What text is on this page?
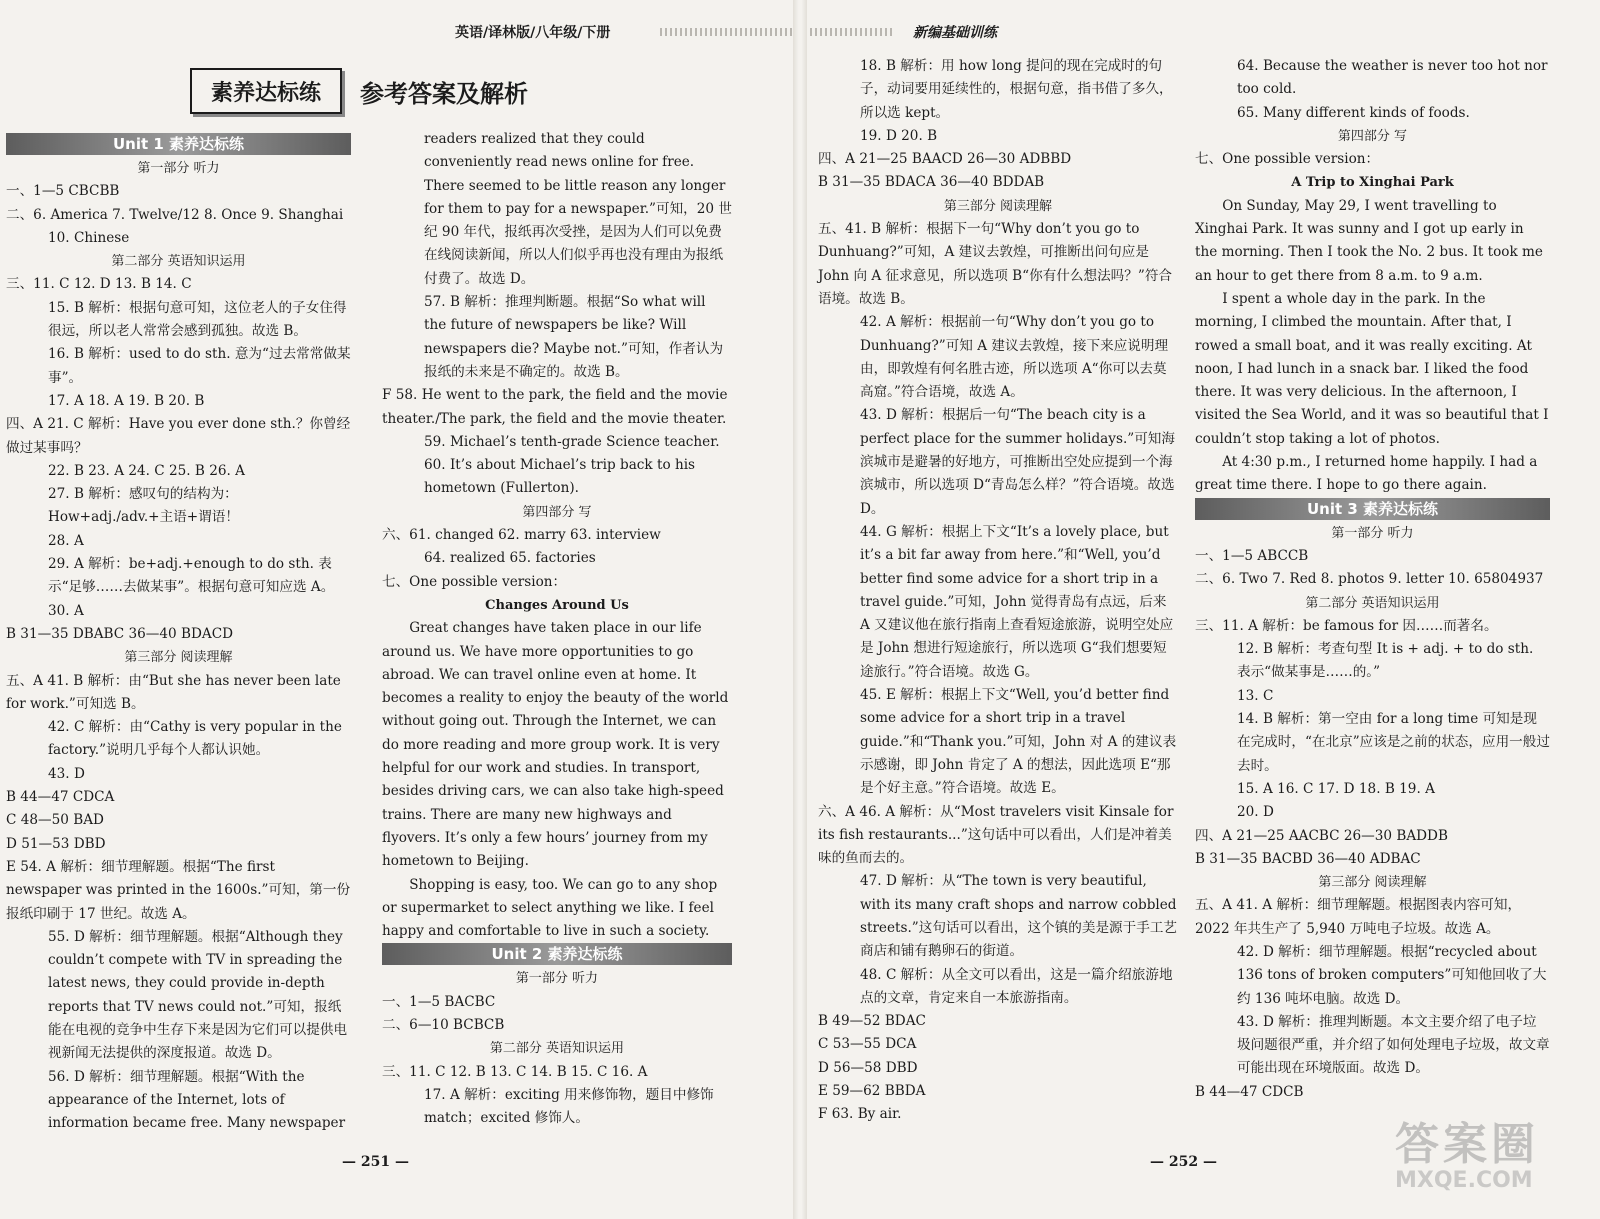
英语/译林版/八年级/下册	新编基础训练
素养达标练	参考答案及解析
Unit 1 素养达标练

第一部分 听力

一、1—5 CBCBB

二、6. America 7. Twelve/12 8. Once 9. Shanghai

10. Chinese

第二部分 英语知识运用

三、11. C 12. D 13. B 14. C

15. B 解析：根据句意可知，这位老人的子女住得很远，所以老人常常会感到孤独。故选 B。

16. B 解析：used to do sth. 意为“过去常常做某事”。

17. A 18. A 19. B 20. B

四、A 21. C 解析：Have you ever done sth.？你曾经做过某事吗？

22. B 23. A 24. C 25. B 26. A

27. B 解析：感叹句的结构为：How+adj./adv.+主语+谓语！

28. A

29. A 解析：be+adj.+enough to do sth. 表示“足够……去做某事”。根据句意可知应选 A。

30. A

B 31—35 DBABC 36—40 BDACD

第三部分 阅读理解

五、A 41. B 解析：由“But she has never been late for work.”可知选 B。

42. C 解析：由“Cathy is very popular in the factory.”说明几乎每个人都认识她。

43. D

B 44—47 CDCA

C 48—50 BAD

D 51—53 DBD

E 54. A 解析：细节理解题。根据“The first newspaper was printed in the 1600s.”可知，第一份报纸印刷于 17 世纪。故选 A。

55. D 解析：细节理解题。根据“Although they couldn’t compete with TV in spreading the latest news, they could provide in-depth reports that TV news could not.”可知，报纸能在电视的竞争中生存下来是因为它们可以提供电视新闻无法提供的深度报道。故选 D。

56. D 解析：细节理解题。根据“With the appearance of the Internet, lots of information became free. Many newspaper

readers realized that they could conveniently read news online for free. There seemed to be little reason any longer for them to pay for a newspaper.”可知，20 世纪 90 年代，报纸再次受挫，是因为人们可以免费在线阅读新闻，所以人们似乎再也没有理由为报纸付费了。故选 D。

57. B 解析：推理判断题。根据“So what will the future of newspapers be like? Will newspapers die? Maybe not.”可知，作者认为报纸的未来是不确定的。故选 B。

F 58. He went to the park, the field and the movie theater./The park, the field and the movie theater.

59. Michael’s tenth-grade Science teacher.

60. It’s about Michael’s trip back to his hometown (Fullerton).

第四部分 写

六、61. changed 62. marry 63. interview

64. realized 65. factories

七、One possible version：

Changes Around Us

Great changes have taken place in our life around us. We have more opportunities to go abroad. We can travel online even at home. It becomes a reality to enjoy the beauty of the world without going out. Through the Internet, we can do more reading and more group work. It is very helpful for our work and studies. In transport, besides driving cars, we can also take high-speed trains. There are many new highways and flyovers. It’s only a few hours’ journey from my hometown to Beijing.

Shopping is easy, too. We can go to any shop or supermarket to select anything we like. I feel happy and comfortable to live in such a society.

Unit 2 素养达标练

第一部分 听力

一、1—5 BACBC

二、6—10 BCBCB

第二部分 英语知识运用

三、11. C 12. B 13. C 14. B 15. C 16. A

17. A 解析：exciting 用来修饰物，题目中修饰 match；excited 修饰人。

— 251 —

18. B 解析：用 how long 提问的现在完成时的句子，动词要用延续性的，根据句意，指书借了多久，所以选 kept。

19. D 20. B

四、A 21—25 BAACD 26—30 ADBBD

B 31—35 BDACA 36—40 BDDAB

第三部分 阅读理解

五、41. B 解析：根据下一句“Why don’t you go to Dunhuang?”可知，A 建议去敦煌，可推断出问句应是 John 向 A 征求意见，所以选项 B“你有什么想法吗？”符合语境。故选 B。

42. A 解析：根据前一句“Why don’t you go to Dunhuang?”可知 A 建议去敦煌，接下来应说明理由，即敦煌有何名胜古迹，所以选项 A“你可以去莫高窟。”符合语境，故选 A。

43. D 解析：根据后一句“The beach city is a perfect place for the summer holidays.”可知海滨城市是避暑的好地方，可推断出空处应提到一个海滨城市，所以选项 D“青岛怎么样？”符合语境。故选 D。

44. G 解析：根据上下文“It’s a lovely place, but it’s a bit far away from here.”和“Well, you’d better find some advice for a short trip in a travel guide.”可知，John 觉得青岛有点远，后来 A 又建议他在旅行指南上查看短途旅游，说明空处应是 John 想进行短途旅行，所以选项 G“我们想要短途旅行。”符合语境。故选 G。

45. E 解析：根据上下文“Well, you’d better find some advice for a short trip in a travel guide.”和“Thank you.”可知，John 对 A 的建议表示感谢，即 John 肯定了 A 的想法，因此选项 E“那是个好主意。”符合语境。故选 E。

六、A 46. A 解析：从“Most travelers visit Kinsale for its fish restaurants...”这句话中可以看出，人们是冲着美味的鱼而去的。

47. D 解析：从“The town is very beautiful, with its many craft shops and narrow cobbled streets.”这句话可以看出，这个镇的美是源于手工艺商店和铺有鹅卵石的街道。

48. C 解析：从全文可以看出，这是一篇介绍旅游地点的文章，肯定来自一本旅游指南。

B 49—52 BDAC

C 53—55 DCA

D 56—58 DBD

E 59—62 BBDA

F 63. By air.

64. Because the weather is never too hot nor too cold.

65. Many different kinds of foods.

第四部分 写

七、One possible version：

A Trip to Xinghai Park

On Sunday, May 29, I went travelling to Xinghai Park. It was sunny and I got up early in the morning. Then I took the No. 2 bus. It took me an hour to get there from 8 a.m. to 9 a.m.

I spent a whole day in the park. In the morning, I climbed the mountain. After that, I rowed a small boat, and it was really exciting. At noon, I had lunch in a snack bar. I liked the food there. It was very delicious. In the afternoon, I visited the Sea World, and it was so beautiful that I couldn’t stop taking a lot of photos.

At 4:30 p.m., I returned home happily. I had a great time there. I hope to go there again.

Unit 3 素养达标练

第一部分 听力

一、1—5 ABCCB

二、6. Two 7. Red 8. photos 9. letter 10. 65804937

第二部分 英语知识运用

三、11. A 解析：be famous for 因……而著名。

12. B 解析：考查句型 It is + adj. + to do sth. 表示“做某事是……的。”

13. C

14. B 解析：第一空由 for a long time 可知是现在完成时，“在北京”应该是之前的状态，应用一般过去时。

15. A 16. C 17. D 18. B 19. A

20. D

四、A 21—25 AACBC 26—30 BADDB

B 31—35 BACBD 36—40 ADBAC

第三部分 阅读理解

五、A 41. A 解析：细节理解题。根据图表内容可知，2022 年共生产了 5,940 万吨电子垃圾。故选 A。

42. D 解析：细节理解题。根据“recycled about 136 tons of broken computers”可知他回收了大约 136 吨坏电脑。故选 D。

43. D 解析：推理判断题。本文主要介绍了电子垃圾问题很严重，并介绍了如何处理电子垃圾，故文章可能出现在环境版面。故选 D。

B 44—47 CDCB

— 252 —	答案圈
MXQE.COM
